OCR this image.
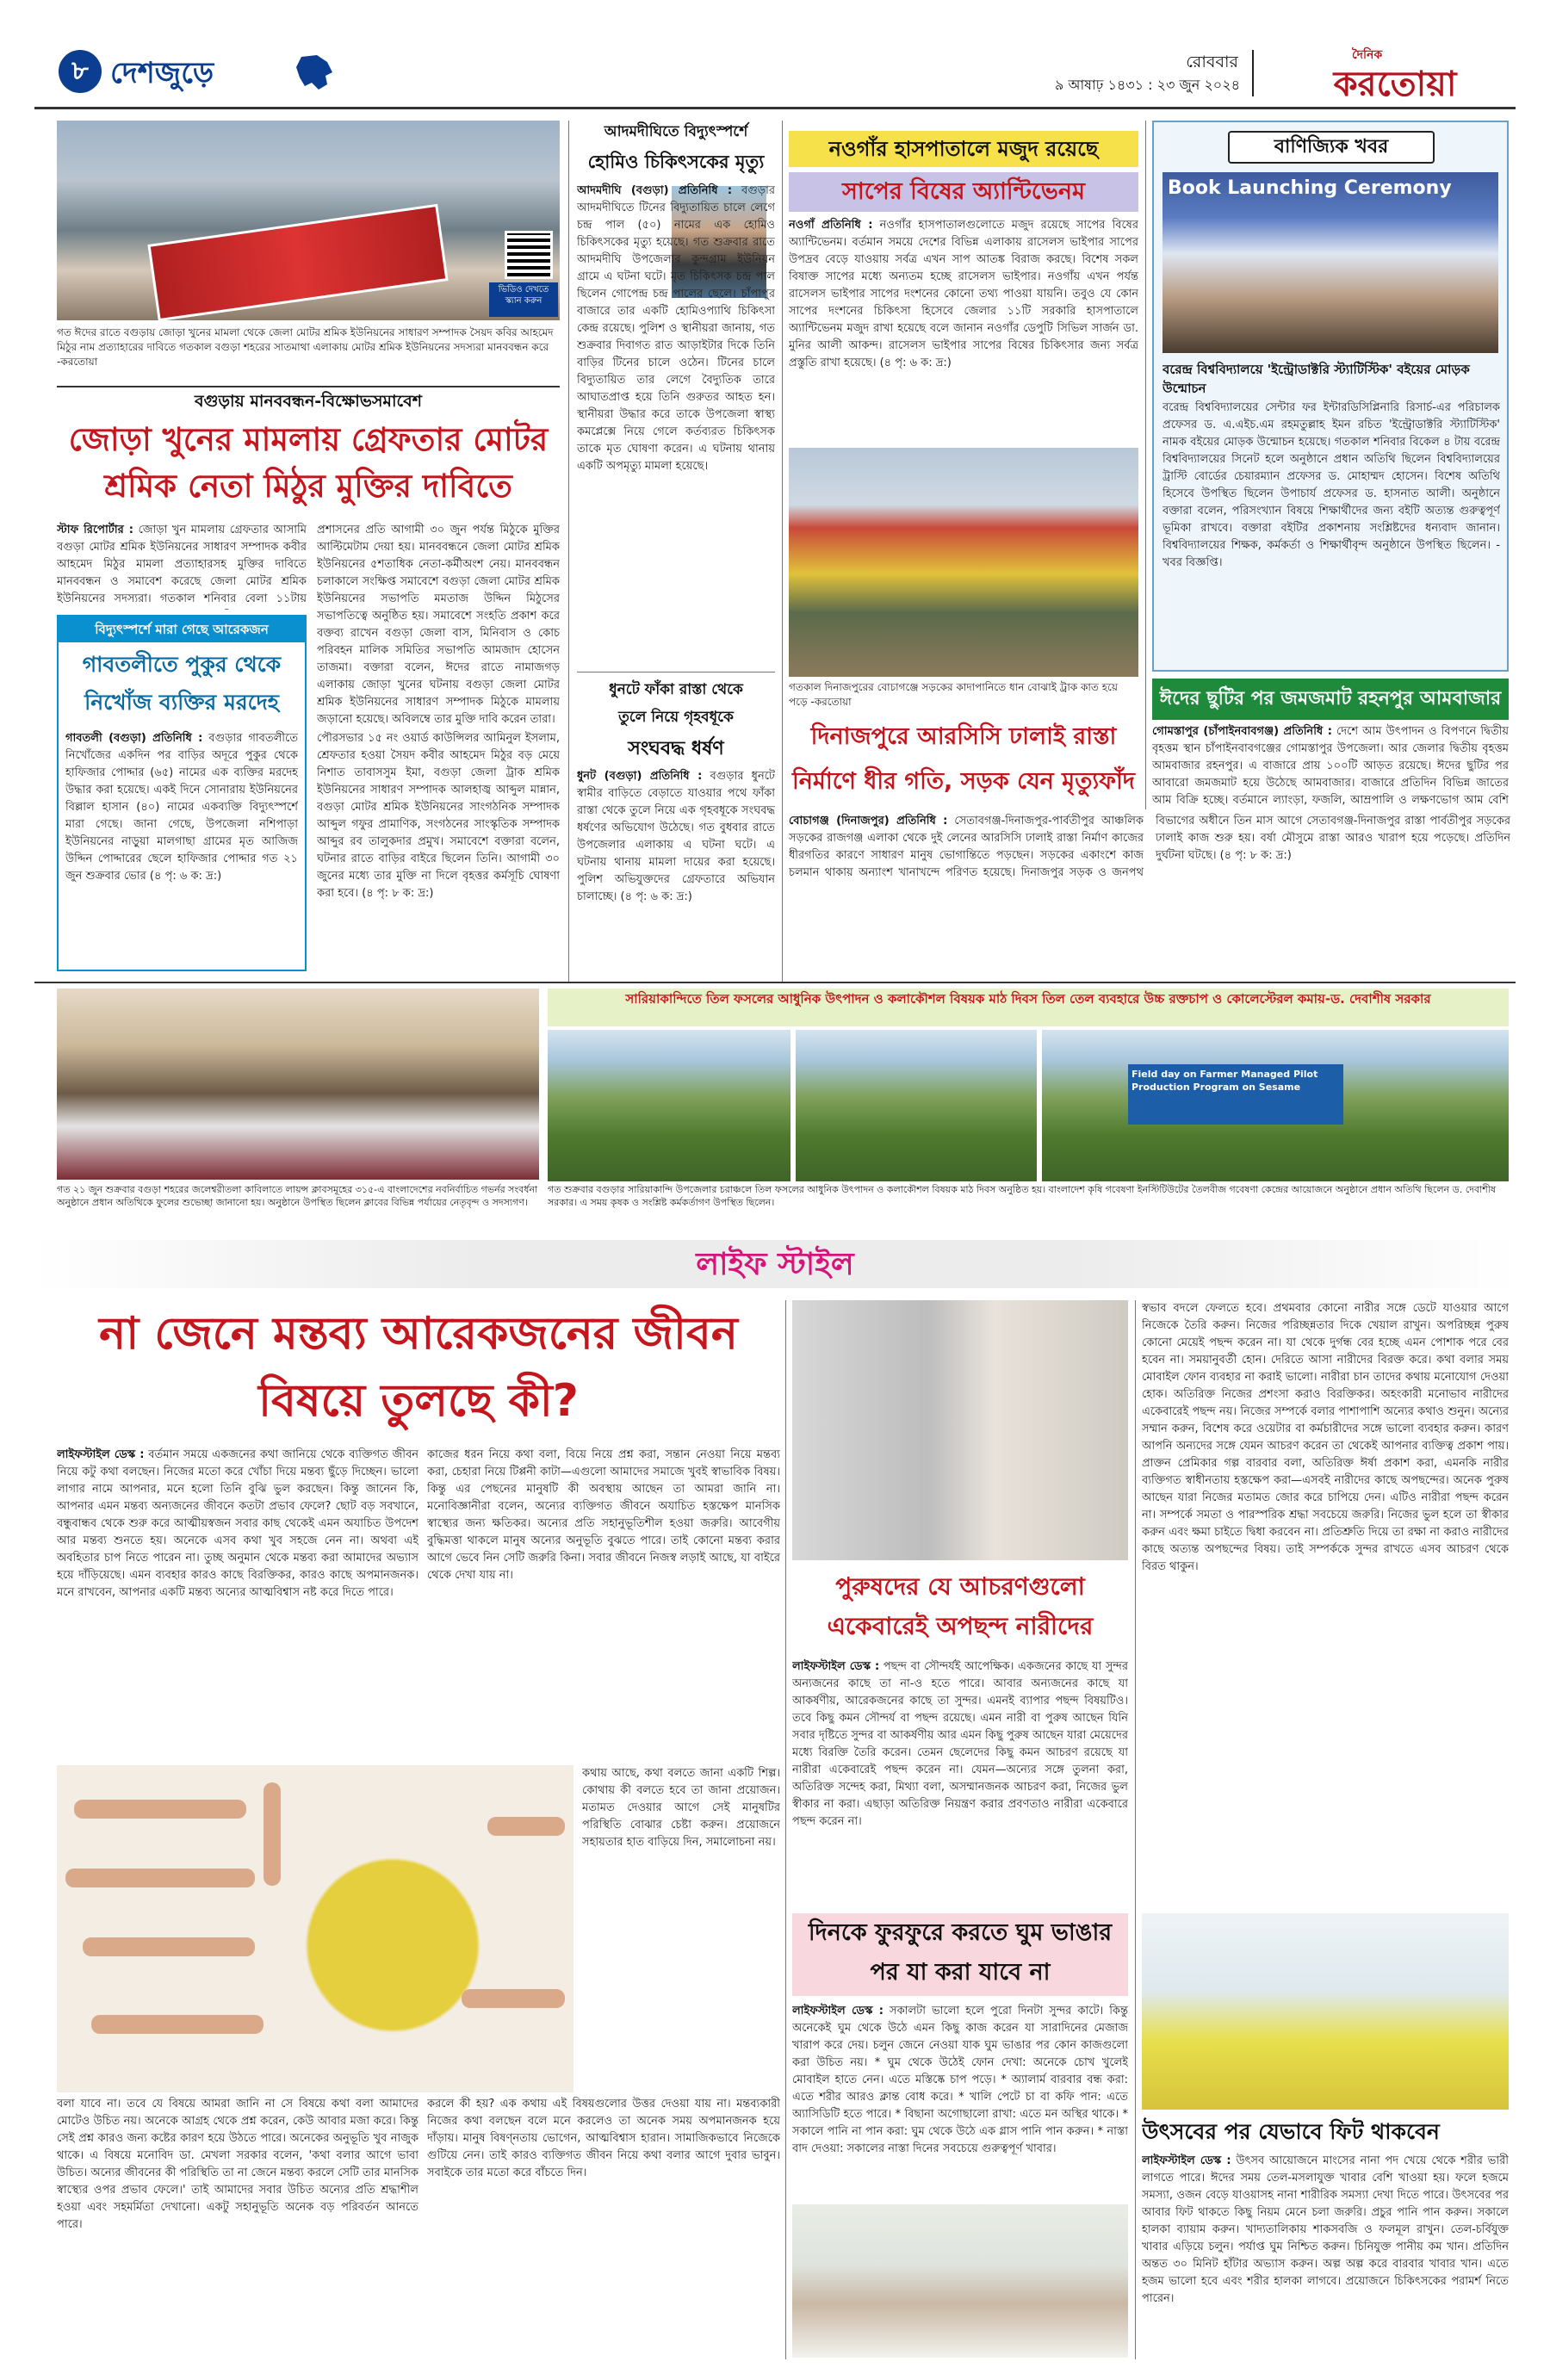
৮ দেশজুড়ে	রোববার
৯ আষাঢ় ১৪৩১ : ২৩ জুন ২০২৪
দৈনিক
করতোয়া
ভিডিও দেখতে স্ক্যান করুন
গত ঈদের রাতে বগুড়ায় জোড়া খুনের মামলা থেকে জেলা মোটর শ্রমিক ইউনিয়নের সাধারণ সম্পাদক সৈয়দ কবির আহমেদ মিঠুর নাম প্রত্যাহারের দাবিতে গতকাল বগুড়া শহরের সাতমাথা এলাকায় মোটর শ্রমিক ইউনিয়নের সদস্যরা মানববন্ধন করে -করতোয়া
বগুড়ায় মানববন্ধন-বিক্ষোভসমাবেশ
জোড়া খুনের মামলায় গ্রেফতার মোটর শ্রমিক নেতা মিঠুর মুক্তির দাবিতে
স্টাফ রিপোর্টার : জোড়া খুন মামলায় গ্রেফতার আসামি বগুড়া মোটর শ্রমিক ইউনিয়নের সাধারণ সম্পাদক কবীর আহমেদ মিঠুর মামলা প্রত্যাহারসহ মুক্তির দাবিতে মানববন্ধন ও সমাবেশ করেছে জেলা মোটর শ্রমিক ইউনিয়নের সদস্যরা। গতকাল শনিবার বেলা ১১টায়
প্রশাসনের প্রতি আগামী ৩০ জুন পর্যন্ত মিঠুকে মুক্তির আল্টিমেটাম দেয়া হয়। মানববন্ধনে জেলা মোটর শ্রমিক ইউনিয়নের ৫শতাধিক নেতা-কর্মীঅংশ নেয়। মানববন্ধন চলাকালে সংক্ষিপ্ত সমাবেশে বগুড়া জেলা মোটর শ্রমিক ইউনিয়নের সভাপতি মমতাজ উদ্দিন মিঠুসের সভাপতিত্বে অনুষ্ঠিত হয়। সমাবেশে সংহতি প্রকাশ করে বক্তব্য রাখেন বগুড়া জেলা বাস, মিনিবাস ও কোচ পরিবহন মালিক সমিতির সভাপতি আমজাদ হোসেন তাজমা। বক্তারা বলেন, ঈদের রাতে নামাজগড় এলাকায় জোড়া খুনের ঘটনায় বগুড়া জেলা মোটর শ্রমিক ইউনিয়নের সাধারণ সম্পাদক মিঠুকে মামলায় জড়ানো হয়েছে। অবিলম্বে তার মুক্তি দাবি করেন তারা।
পৌরসভার ১৫ নং ওয়ার্ড কাউন্সিলর আমিনুল ইসলাম, শ্রেফতার হওয়া সৈয়দ কবীর আহমেদ মিঠুর বড় মেয়ে নিশাত তাবাসসুম ইমা, বগুড়া জেলা ট্রাক শ্রমিক ইউনিয়নের সাধারণ সম্পাদক আলহাজ্ব আব্দুল মান্নান, বগুড়া মোটর শ্রমিক ইউনিয়নের সাংগঠনিক সম্পাদক আব্দুল গফুর প্রামাণিক, সংগঠনের সাংস্কৃতিক সম্পাদক আব্দুর রব তালুকদার প্রমুখ। সমাবেশে বক্তারা বলেন, ঘটনার রাতে বাড়ির বাইরে ছিলেন তিনি। আগামী ৩০ জুনের মধ্যে তার মুক্তি না দিলে বৃহত্তর কর্মসূচি ঘোষণা করা হবে। (৪ পৃ: ৮ ক: দ্র:)
বিদ্যুৎস্পর্শে মারা গেছে আরেকজন
গাবতলীতে পুকুর থেকে নিখোঁজ ব্যক্তির মরদেহ
গাবতলী (বগুড়া) প্রতিনিধি : বগুড়ার গাবতলীতে নিখোঁজের একদিন পর বাড়ির অদূরে পুকুর থেকে হাফিজার পোদ্দার (৬৫) নামের এক ব্যক্তির মরদেহ উদ্ধার করা হয়েছে। একই দিনে সোনারায় ইউনিয়নের বিল্লাল হাসান (৪০) নামের একব্যক্তি বিদ্যুৎস্পর্শে মারা গেছে। জানা গেছে, উপজেলা নশিপাড়া ইউনিয়নের নাড়ুয়া মালগাছা গ্রামের মৃত আজিজ উদ্দিন পোদ্দারের ছেলে হাফিজার পোদ্দার গত ২১ জুন শুক্রবার ভোর (৪ পৃ: ৬ ক: দ্র:)
আদমদীঘিতে বিদ্যুৎস্পর্শে
হোমিও চিকিৎসকের মৃত্যু
আদমদীঘি (বগুড়া) প্রতিনিধি : বগুড়ার আদমদীঘিতে টিনের বিদ্যুতায়িত চালে লেগে চন্দ্র পাল (৫০) নামের এক হোমিও চিকিৎসকের মৃত্যু হয়েছে। গত শুক্রবার রাতে আদমদীঘি উপজেলার কুন্দগ্রাম ইউনিয়ন গ্রামে এ ঘটনা ঘটে। মৃত চিকিৎসক চন্দ্র পাল ছিলেন গোপেন্দ্র চন্দ্র পালের ছেলে। চাঁপাপুর বাজারে তার একটি হোমিওপ্যাথি চিকিৎসা কেন্দ্র রয়েছে। পুলিশ ও স্থানীয়রা জানায়, গত শুক্রবার দিবাগত রাত আড়াইটার দিকে তিনি বাড়ির টিনের চালে ওঠেন। টিনের চালে বিদ্যুতায়িত তার লেগে বৈদ্যুতিক তারে আঘাতপ্রাপ্ত হয়ে তিনি গুরুতর আহত হন। স্থানীয়রা উদ্ধার করে তাকে উপজেলা স্বাস্থ্য কমপ্লেক্সে নিয়ে গেলে কর্তব্যরত চিকিৎসক তাকে মৃত ঘোষণা করেন। এ ঘটনায় থানায় একটি অপমৃত্যু মামলা হয়েছে।
ধুনটে ফাঁকা রাস্তা থেকে
তুলে নিয়ে গৃহবধূকে
সংঘবদ্ধ ধর্ষণ
ধুনট (বগুড়া) প্রতিনিধি : বগুড়ার ধুনটে স্বামীর বাড়িতে বেড়াতে যাওয়ার পথে ফাঁকা রাস্তা থেকে তুলে নিয়ে এক গৃহবধূকে সংঘবদ্ধ ধর্ষণের অভিযোগ উঠেছে। গত বুধবার রাতে উপজেলার এলাকায় এ ঘটনা ঘটে। এ ঘটনায় থানায় মামলা দায়ের করা হয়েছে। পুলিশ অভিযুক্তদের গ্রেফতারে অভিযান চালাচ্ছে। (৪ পৃ: ৬ ক: দ্র:)
নওগাঁর হাসপাতালে মজুদ রয়েছে
সাপের বিষের অ্যান্টিভেনম
নওগাঁ প্রতিনিধি : নওগাঁর হাসপাতালগুলোতে মজুদ রয়েছে সাপের বিষের অ্যান্টিভেনম। বর্তমান সময়ে দেশের বিভিন্ন এলাকায় রাসেলস ভাইপার সাপের উপদ্রব বেড়ে যাওয়ায় সর্বত্র এখন সাপ আতঙ্ক বিরাজ করছে। বিশেষ সকল বিষাক্ত সাপের মধ্যে অন্যতম হচ্ছে রাসেলস ভাইপার। নওগাঁয় এখন পর্যন্ত রাসেলস ভাইপার সাপের দংশনের কোনো তথ্য পাওয়া যায়নি। তবুও যে কোন সাপের দংশনের চিকিৎসা হিসেবে জেলার ১১টি সরকারি হাসপাতালে অ্যান্টিভেনম মজুদ রাখা হয়েছে বলে জানান নওগাঁর ডেপুটি সিভিল সার্জন ডা. মুনির আলী আকন্দ। রাসেলস ভাইপার সাপের বিষের চিকিৎসার জন্য সর্বত্র প্রস্তুতি রাখা হয়েছে। (৪ পৃ: ৬ ক: দ্র:)
গতকাল দিনাজপুরের বোচাগঞ্জে সড়কের কাদাপানিতে ধান বোঝাই ট্রাক কাত হয়ে পড়ে -করতোয়া
দিনাজপুরে আরসিসি ঢালাই রাস্তা নির্মাণে ধীর গতি, সড়ক যেন মৃত্যুফাঁদ
বোচাগঞ্জ (দিনাজপুর) প্রতিনিধি : সেতাবগঞ্জ-দিনাজপুর-পার্বতীপুর আঞ্চলিক সড়কের রাজগঞ্জ এলাকা থেকে দুই লেনের আরসিসি ঢালাই রাস্তা নির্মাণ কাজের ধীরগতির কারণে সাধারণ মানুষ ভোগান্তিতে পড়ছেন। সড়কের একাংশে কাজ চলমান থাকায় অন্যাংশ খানাখন্দে পরিণত হয়েছে। দিনাজপুর সড়ক ও জনপথ বিভাগের অধীনে তিন মাস আগে সেতাবগঞ্জ-দিনাজপুর রাস্তা পার্বতীপুর সড়কের ঢালাই কাজ শুরু হয়। বর্ষা মৌসুমে রাস্তা আরও খারাপ হয়ে পড়েছে। প্রতিদিন দুর্ঘটনা ঘটছে। (৪ পৃ: ৮ ক: দ্র:)
বাণিজ্যিক খবর
Book Launching Ceremony
বরেন্দ্র বিশ্ববিদ্যালয়ে 'ইন্ট্রোডাক্টরি স্ট্যাটিস্টিক' বইয়ের মোড়ক উন্মোচন
বরেন্দ্র বিশ্ববিদ্যালয়ের সেন্টার ফর ইন্টারডিসিপ্লিনারি রিসার্চ-এর পরিচালক প্রফেসর ড. এ.এইচ.এম রহমতুল্লাহ ইমন রচিত 'ইন্ট্রোডাক্টরি স্ট্যাটিস্টিক' নামক বইয়ের মোড়ক উন্মোচন হয়েছে। গতকাল শনিবার বিকেল ৪ টায় বরেন্দ্র বিশ্ববিদ্যালয়ের সিনেট হলে অনুষ্ঠানে প্রধান অতিথি ছিলেন বিশ্ববিদ্যালয়ের ট্রাস্টি বোর্ডের চেয়ারম্যান প্রফেসর ড. মোহাম্মদ হোসেন। বিশেষ অতিথি হিসেবে উপস্থিত ছিলেন উপাচার্য প্রফেসর ড. হাসনাত আলী। অনুষ্ঠানে বক্তারা বলেন, পরিসংখ্যান বিষয়ে শিক্ষার্থীদের জন্য বইটি অত্যন্ত গুরুত্বপূর্ণ ভূমিকা রাখবে। বক্তারা বইটির প্রকাশনায় সংশ্লিষ্টদের ধন্যবাদ জানান। বিশ্ববিদ্যালয়ের শিক্ষক, কর্মকর্তা ও শিক্ষার্থীবৃন্দ অনুষ্ঠানে উপস্থিত ছিলেন। - খবর বিজ্ঞপ্তি।
ঈদের ছুটির পর জমজমাট রহনপুর আমবাজার
গোমস্তাপুর (চাঁপাইনবাবগঞ্জ) প্রতিনিধি : দেশে আম উৎপাদন ও বিপণনে দ্বিতীয় বৃহত্তম স্থান চাঁপাইনবাবগঞ্জের গোমস্তাপুর উপজেলা। আর জেলার দ্বিতীয় বৃহত্তম আমবাজার রহনপুর। এ বাজারে প্রায় ১০০টি আড়ত রয়েছে। ঈদের ছুটির পর আবারো জমজমাট হয়ে উঠেছে আমবাজার। বাজারে প্রতিদিন বিভিন্ন জাতের আম বিক্রি হচ্ছে। বর্তমানে ল্যাংড়া, ফজলি, আম্রপালি ও লক্ষণভোগ আম বেশি
গত ২১ জুন শুক্রবার বগুড়া শহরের জলেশ্বরীতলা কাবিলাতে লায়ন্স ক্লাবসমূহের ৩১৫-এ বাংলাদেশের নবনির্বাচিত গভর্নর সংবর্ধনা অনুষ্ঠানে প্রধান অতিথিকে ফুলের শুভেচ্ছা জানানো হয়। অনুষ্ঠানে উপস্থিত ছিলেন ক্লাবের বিভিন্ন পর্যায়ের নেতৃবৃন্দ ও সদস্যগণ।
সারিয়াকান্দিতে তিল ফসলের আধুনিক উৎপাদন ও কলাকৌশল বিষয়ক মাঠ দিবস তিল তেল ব্যবহারে উচ্চ রক্তচাপ ও কোলেস্টেরল কমায়-ড. দেবাশীষ সরকার
Field day on Farmer Managed Pilot Production Program on Sesame
গত শুক্রবার বগুড়ার সারিয়াকান্দি উপজেলার চরাঞ্চলে তিল ফসলের আধুনিক উৎপাদন ও কলাকৌশল বিষয়ক মাঠ দিবস অনুষ্ঠিত হয়। বাংলাদেশ কৃষি গবেষণা ইনস্টিটিউটের তৈলবীজ গবেষণা কেন্দ্রের আয়োজনে অনুষ্ঠানে প্রধান অতিথি ছিলেন ড. দেবাশীষ সরকার। এ সময় কৃষক ও সংশ্লিষ্ট কর্মকর্তাগণ উপস্থিত ছিলেন।
লাইফ স্টাইল
না জেনে মন্তব্য আরেকজনের জীবন বিষয়ে তুলছে কী?
লাইফস্টাইল ডেস্ক : বর্তমান সময়ে একজনের কথা জানিয়ে থেকে ব্যক্তিগত জীবন নিয়ে কটু কথা বলছেন। নিজের মতো করে খোঁচা দিয়ে মন্তব্য ছুঁড়ে দিচ্ছেন। ভালো লাগার নামে আপনার, মনে হলো তিনি বুঝি ভুল করছেন। কিন্তু জানেন কি, আপনার এমন মন্তব্য অন্যজনের জীবনে কতটা প্রভাব ফেলে? ছোট বড় সবখানে, বন্ধুবান্ধব থেকে শুরু করে আত্মীয়স্বজন সবার কাছ থেকেই এমন অযাচিত উপদেশ আর মন্তব্য শুনতে হয়। অনেকে এসব কথা খুব সহজে নেন না। অথবা এই অবহিতার চাপ নিতে পারেন না। তুচ্ছ অনুমান থেকে মন্তব্য করা আমাদের অভ্যাস হয়ে দাঁড়িয়েছে। এমন ব্যবহার কারও কাছে বিরক্তিকর, কারও কাছে অপমানজনক। মনে রাখবেন, আপনার একটি মন্তব্য অন্যের আত্মবিশ্বাস নষ্ট করে দিতে পারে।
কাজের ধরন নিয়ে কথা বলা, বিয়ে নিয়ে প্রশ্ন করা, সন্তান নেওয়া নিয়ে মন্তব্য করা, চেহারা নিয়ে টিপ্পনী কাটা—এগুলো আমাদের সমাজে খুবই স্বাভাবিক বিষয়। কিন্তু এর পেছনের মানুষটি কী অবস্থায় আছেন তা আমরা জানি না। মনোবিজ্ঞানীরা বলেন, অন্যের ব্যক্তিগত জীবনে অযাচিত হস্তক্ষেপ মানসিক স্বাস্থ্যের জন্য ক্ষতিকর। অন্যের প্রতি সহানুভূতিশীল হওয়া জরুরি। আবেগীয় বুদ্ধিমত্তা থাকলে মানুষ অন্যের অনুভূতি বুঝতে পারে। তাই কোনো মন্তব্য করার আগে ভেবে নিন সেটি জরুরি কিনা। সবার জীবনে নিজস্ব লড়াই আছে, যা বাইরে থেকে দেখা যায় না।
কথায় আছে, কথা বলতে জানা একটি শিল্প। কোথায় কী বলতে হবে তা জানা প্রয়োজন। মতামত দেওয়ার আগে সেই মানুষটির পরিস্থিতি বোঝার চেষ্টা করুন। প্রয়োজনে সহায়তার হাত বাড়িয়ে দিন, সমালোচনা নয়।
বলা যাবে না। তবে যে বিষয়ে আমরা জানি না সে বিষয়ে কথা বলা আমাদের মোটেও উচিত নয়। অনেকে আগ্রহ থেকে প্রশ্ন করেন, কেউ আবার মজা করে। কিন্তু সেই প্রশ্ন কারও জন্য কষ্টের কারণ হয়ে উঠতে পারে। অনেকের অনুভূতি খুব নাজুক থাকে। এ বিষয়ে মনোবিদ ডা. মেখলা সরকার বলেন, 'কথা বলার আগে ভাবা উচিত। অন্যের জীবনের কী পরিস্থিতি তা না জেনে মন্তব্য করলে সেটি তার মানসিক স্বাস্থ্যের ওপর প্রভাব ফেলে।' তাই আমাদের সবার উচিত অন্যের প্রতি শ্রদ্ধাশীল হওয়া এবং সহমর্মিতা দেখানো। একটু সহানুভূতি অনেক বড় পরিবর্তন আনতে পারে।
করলে কী হয়? এক কথায় এই বিষয়গুলোর উত্তর দেওয়া যায় না। মন্তব্যকারী নিজের কথা বলছেন বলে মনে করলেও তা অনেক সময় অপমানজনক হয়ে দাঁড়ায়। মানুষ বিষণ্নতায় ভোগেন, আত্মবিশ্বাস হারান। সামাজিকভাবে নিজেকে গুটিয়ে নেন। তাই কারও ব্যক্তিগত জীবন নিয়ে কথা বলার আগে দুবার ভাবুন। সবাইকে তার মতো করে বাঁচতে দিন।
পুরুষদের যে আচরণগুলো একেবারেই অপছন্দ নারীদের
লাইফস্টাইল ডেস্ক : পছন্দ বা সৌন্দর্যই আপেক্ষিক। একজনের কাছে যা সুন্দর অন্যজনের কাছে তা না-ও হতে পারে। আবার অন্যজনের কাছে যা আকর্ষণীয়, আরেকজনের কাছে তা সুন্দর। এমনই ব্যাপার পছন্দ বিষয়টিও। তবে কিছু কমন সৌন্দর্য বা পছন্দ রয়েছে। এমন নারী বা পুরুষ আছেন যিনি সবার দৃষ্টিতে সুন্দর বা আকর্ষণীয় আর এমন কিছু পুরুষ আছেন যারা মেয়েদের মধ্যে বিরক্তি তৈরি করেন। তেমন ছেলেদের কিছু কমন আচরণ রয়েছে যা নারীরা একেবারেই পছন্দ করেন না। যেমন—অন্যের সঙ্গে তুলনা করা, অতিরিক্ত সন্দেহ করা, মিথ্যা বলা, অসম্মানজনক আচরণ করা, নিজের ভুল স্বীকার না করা। এছাড়া অতিরিক্ত নিয়ন্ত্রণ করার প্রবণতাও নারীরা একেবারে পছন্দ করেন না।
দিনকে ফুরফুরে করতে ঘুম ভাঙার পর যা করা যাবে না
লাইফস্টাইল ডেস্ক : সকালটা ভালো হলে পুরো দিনটা সুন্দর কাটে। কিন্তু অনেকেই ঘুম থেকে উঠে এমন কিছু কাজ করেন যা সারাদিনের মেজাজ খারাপ করে দেয়। চলুন জেনে নেওয়া যাক ঘুম ভাঙার পর কোন কাজগুলো করা উচিত নয়। * ঘুম থেকে উঠেই ফোন দেখা: অনেকে চোখ খুলেই মোবাইল হাতে নেন। এতে মস্তিষ্কে চাপ পড়ে। * অ্যালার্ম বারবার বন্ধ করা: এতে শরীর আরও ক্লান্ত বোধ করে। * খালি পেটে চা বা কফি পান: এতে অ্যাসিডিটি হতে পারে। * বিছানা অগোছালো রাখা: এতে মন অস্থির থাকে। * সকালে পানি না পান করা: ঘুম থেকে উঠে এক গ্লাস পানি পান করুন। * নাস্তা বাদ দেওয়া: সকালের নাস্তা দিনের সবচেয়ে গুরুত্বপূর্ণ খাবার।
স্বভাব বদলে ফেলতে হবে। প্রথমবার কোনো নারীর সঙ্গে ডেটে যাওয়ার আগে নিজেকে তৈরি করুন। নিজের পরিচ্ছন্নতার দিকে খেয়াল রাখুন। অপরিচ্ছন্ন পুরুষ কোনো মেয়েই পছন্দ করেন না। যা থেকে দুর্গন্ধ বের হচ্ছে এমন পোশাক পরে বের হবেন না। সময়ানুবর্তী হোন। দেরিতে আসা নারীদের বিরক্ত করে। কথা বলার সময় মোবাইল ফোন ব্যবহার না করাই ভালো। নারীরা চান তাদের কথায় মনোযোগ দেওয়া হোক। অতিরিক্ত নিজের প্রশংসা করাও বিরক্তিকর। অহংকারী মনোভাব নারীদের একেবারেই পছন্দ নয়। নিজের সম্পর্কে বলার পাশাপাশি অন্যের কথাও শুনুন। অন্যের সম্মান করুন, বিশেষ করে ওয়েটার বা কর্মচারীদের সঙ্গে ভালো ব্যবহার করুন। কারণ আপনি অন্যদের সঙ্গে যেমন আচরণ করেন তা থেকেই আপনার ব্যক্তিত্ব প্রকাশ পায়। প্রাক্তন প্রেমিকার গল্প বারবার বলা, অতিরিক্ত ঈর্ষা প্রকাশ করা, এমনকি নারীর ব্যক্তিগত স্বাধীনতায় হস্তক্ষেপ করা—এসবই নারীদের কাছে অপছন্দের। অনেক পুরুষ আছেন যারা নিজের মতামত জোর করে চাপিয়ে দেন। এটিও নারীরা পছন্দ করেন না। সম্পর্কে সমতা ও পারস্পরিক শ্রদ্ধা সবচেয়ে জরুরি। নিজের ভুল হলে তা স্বীকার করুন এবং ক্ষমা চাইতে দ্বিধা করবেন না। প্রতিশ্রুতি দিয়ে তা রক্ষা না করাও নারীদের কাছে অত্যন্ত অপছন্দের বিষয়। তাই সম্পর্ককে সুন্দর রাখতে এসব আচরণ থেকে বিরত থাকুন।
উৎসবের পর যেভাবে ফিট থাকবেন
লাইফস্টাইল ডেস্ক : উৎসব আয়োজনে মাংসের নানা পদ খেয়ে থেকে শরীর ভারী লাগতে পারে। ঈদের সময় তেল-মসলাযুক্ত খাবার বেশি খাওয়া হয়। ফলে হজমে সমস্যা, ওজন বেড়ে যাওয়াসহ নানা শারীরিক সমস্যা দেখা দিতে পারে। উৎসবের পর আবার ফিট থাকতে কিছু নিয়ম মেনে চলা জরুরি। প্রচুর পানি পান করুন। সকালে হালকা ব্যায়াম করুন। খাদ্যতালিকায় শাকসবজি ও ফলমূল রাখুন। তেল-চর্বিযুক্ত খাবার এড়িয়ে চলুন। পর্যাপ্ত ঘুম নিশ্চিত করুন। চিনিযুক্ত পানীয় কম খান। প্রতিদিন অন্তত ৩০ মিনিট হাঁটার অভ্যাস করুন। অল্প অল্প করে বারবার খাবার খান। এতে হজম ভালো হবে এবং শরীর হালকা লাগবে। প্রয়োজনে চিকিৎসকের পরামর্শ নিতে পারেন।
